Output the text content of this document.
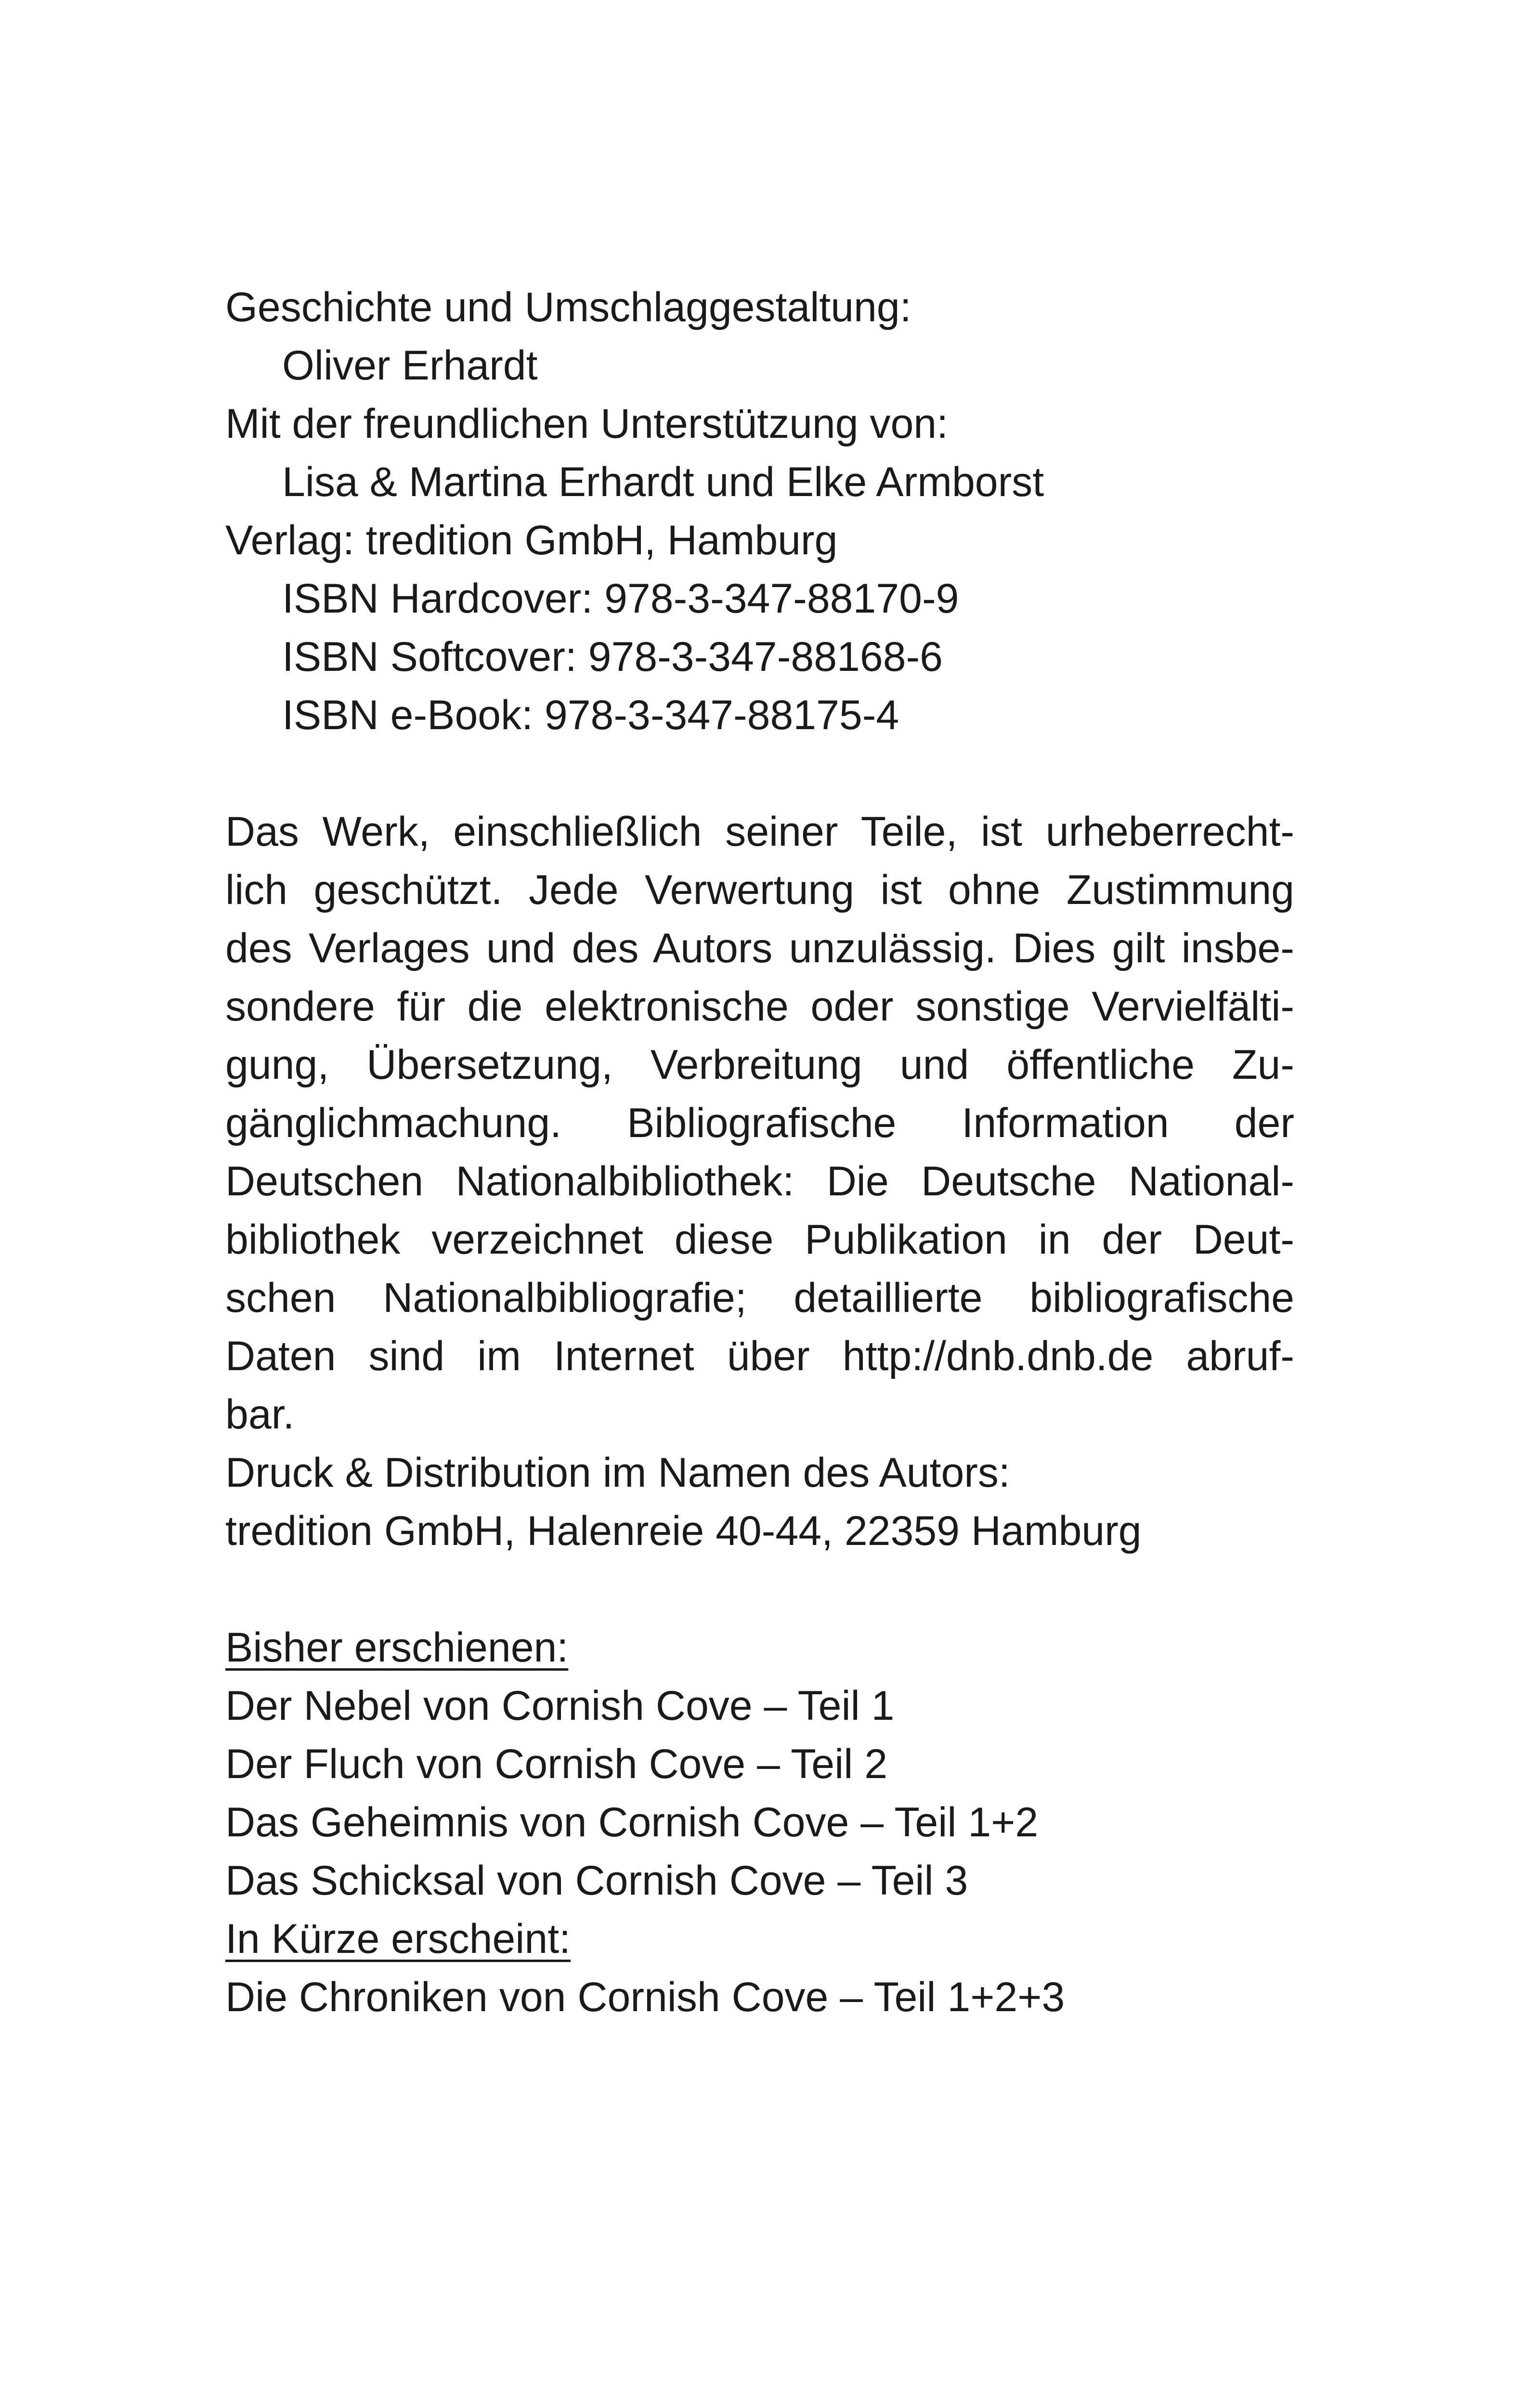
Geschichte und Umschlaggestaltung:
Oliver Erhardt
Mit der freundlichen Unterstützung von:
Lisa & Martina Erhardt und Elke Armborst
Verlag: tredition GmbH, Hamburg
ISBN Hardcover: 978-3-347-88170-9
ISBN Softcover: 978-3-347-88168-6
ISBN e-Book: 978-3-347-88175-4
Das Werk, einschließlich seiner Teile, ist urheberrecht-
lich geschützt. Jede Verwertung ist ohne Zustimmung
des Verlages und des Autors unzulässig. Dies gilt insbe-
sondere für die elektronische oder sonstige Vervielfälti-
gung, Übersetzung, Verbreitung und öffentliche Zu-
gänglichmachung. Bibliografische Information der
Deutschen Nationalbibliothek: Die Deutsche National-
bibliothek verzeichnet diese Publikation in der Deut-
schen Nationalbibliografie; detaillierte bibliografische
Daten sind im Internet über http://dnb.dnb.de abruf-
bar.
Druck & Distribution im Namen des Autors:
tredition GmbH, Halenreie 40-44, 22359 Hamburg
Bisher erschienen:
Der Nebel von Cornish Cove – Teil 1
Der Fluch von Cornish Cove – Teil 2
Das Geheimnis von Cornish Cove – Teil 1+2
Das Schicksal von Cornish Cove – Teil 3
In Kürze erscheint:
Die Chroniken von Cornish Cove – Teil 1+2+3
